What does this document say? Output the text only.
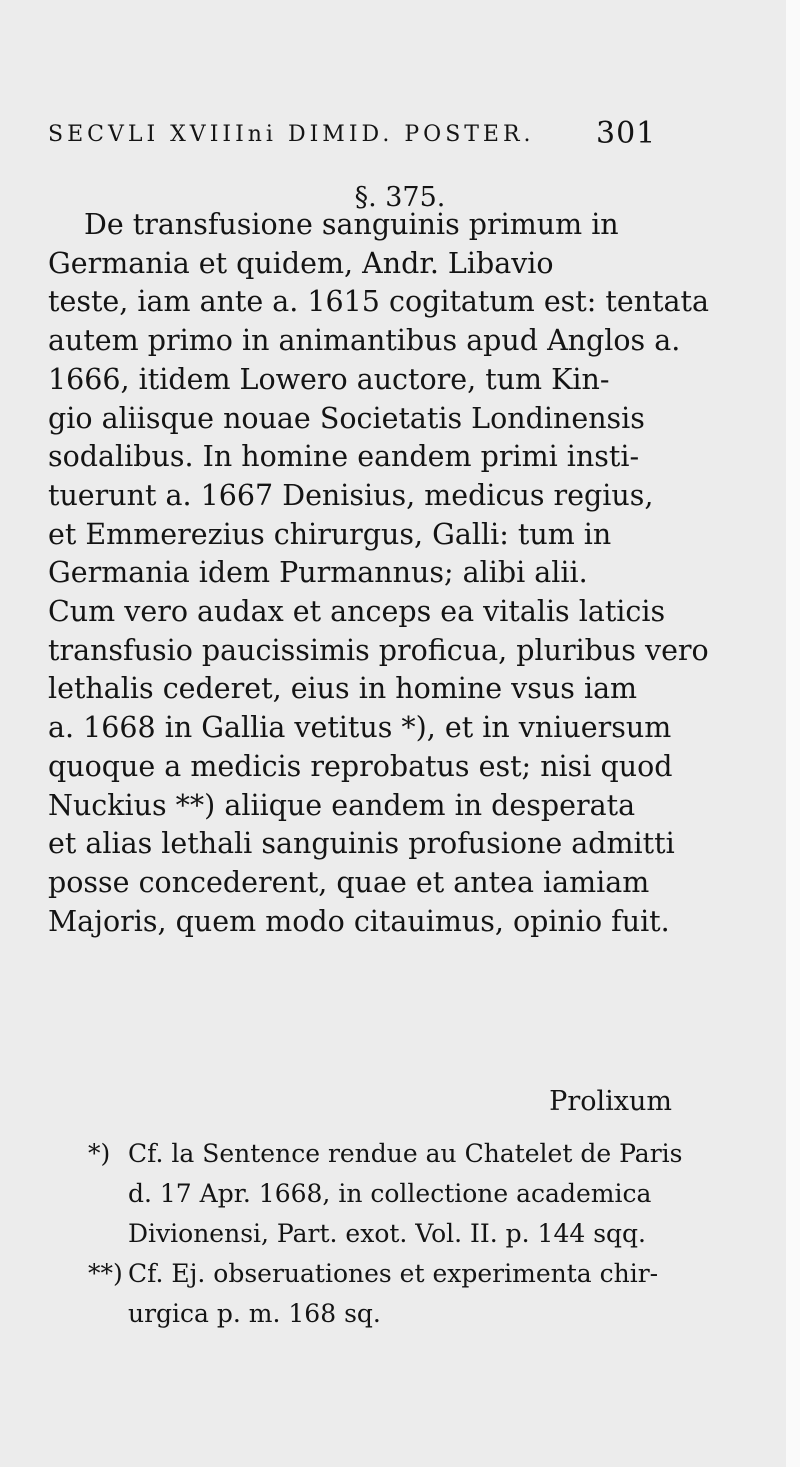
SECVLI XVIIIni DIMID. POSTER. 301
§. 375.
De transfusione sanguinis primum in
Germania et quidem, Andr. Libavio
teste, iam ante a. 1615 cogitatum est: tentata
autem primo in animantibus apud Anglos a.
1666, itidem Lowero auctore, tum Kin-
gio aliisque nouae Societatis Londinensis
sodalibus. In homine eandem primi insti-
tuerunt a. 1667 Denisius, medicus regius,
et Emmerezius chirurgus, Galli: tum in
Germania idem Purmannus; alibi alii.
Cum vero audax et anceps ea vitalis laticis
transfusio paucissimis proficua, pluribus vero
lethalis cederet, eius in homine vsus iam
a. 1668 in Gallia vetitus *), et in vniuersum
quoque a medicis reprobatus est; nisi quod
Nuckius **) aliique eandem in desperata
et alias lethali sanguinis profusione admitti
posse concederent, quae et antea iamiam
Majoris, quem modo citauimus, opinio fuit.
Prolixum
*) Cf. la Sentence rendue au Chatelet de Paris
d. 17 Apr. 1668, in collectione academica
Divionensi, Part. exot. Vol. II. p. 144 sqq.
**) Cf. Ej. obseruationes et experimenta chir-
urgica p. m. 168 sq.
